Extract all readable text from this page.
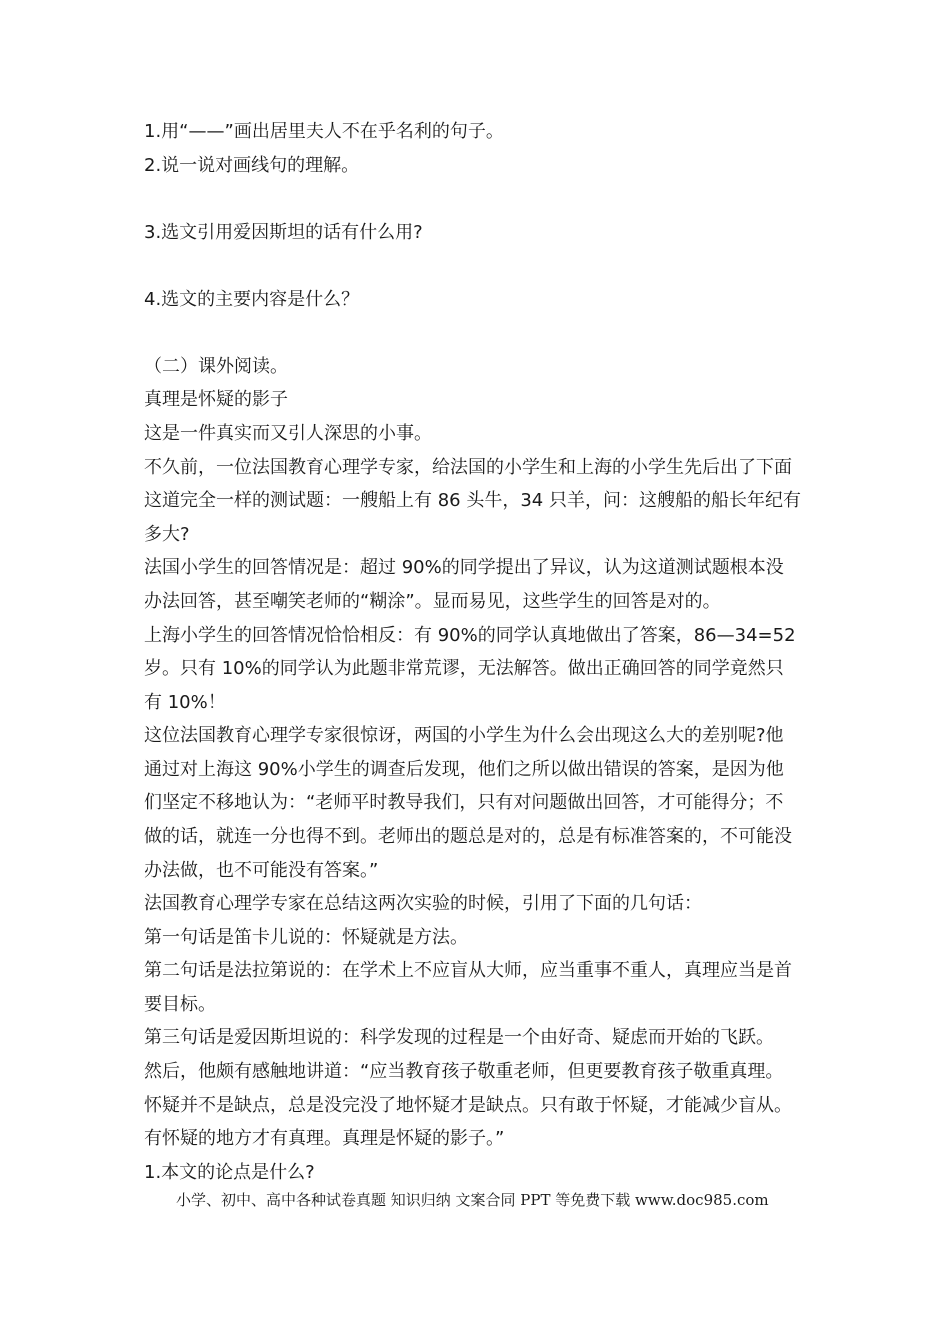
1.用“——”画出居里夫人不在乎名利的句子。
2.说一说对画线句的理解。
3.选文引用爱因斯坦的话有什么用?
4.选文的主要内容是什么？
（二）课外阅读。
真理是怀疑的影子
这是一件真实而又引人深思的小事。
不久前，一位法国教育心理学专家，给法国的小学生和上海的小学生先后出了下面
这道完全一样的测试题：一艘船上有 86 头牛，34 只羊，问：这艘船的船长年纪有
多大?
法国小学生的回答情况是：超过 90%的同学提出了异议，认为这道测试题根本没
办法回答，甚至嘲笑老师的“糊涂”。显而易见，这些学生的回答是对的。
上海小学生的回答情况恰恰相反：有 90%的同学认真地做出了答案，86—34=52
岁。只有 10%的同学认为此题非常荒谬，无法解答。做出正确回答的同学竟然只
有 10%！
这位法国教育心理学专家很惊讶，两国的小学生为什么会出现这么大的差别呢?他
通过对上海这 90%小学生的调查后发现，他们之所以做出错误的答案，是因为他
们坚定不移地认为：“老师平时教导我们，只有对问题做出回答，才可能得分；不
做的话，就连一分也得不到。老师出的题总是对的，总是有标准答案的，不可能没
办法做，也不可能没有答案。”
法国教育心理学专家在总结这两次实验的时候，引用了下面的几句话：
第一句话是笛卡儿说的：怀疑就是方法。
第二句话是法拉第说的：在学术上不应盲从大师，应当重事不重人，真理应当是首
要目标。
第三句话是爱因斯坦说的：科学发现的过程是一个由好奇、疑虑而开始的飞跃。
然后，他颇有感触地讲道：“应当教育孩子敬重老师，但更要教育孩子敬重真理。
怀疑并不是缺点，总是没完没了地怀疑才是缺点。只有敢于怀疑，才能减少盲从。
有怀疑的地方才有真理。真理是怀疑的影子。”
1.本文的论点是什么?
小学、初中、高中各种试卷真题 知识归纳 文案合同 PPT 等免费下载 www.doc985.com
